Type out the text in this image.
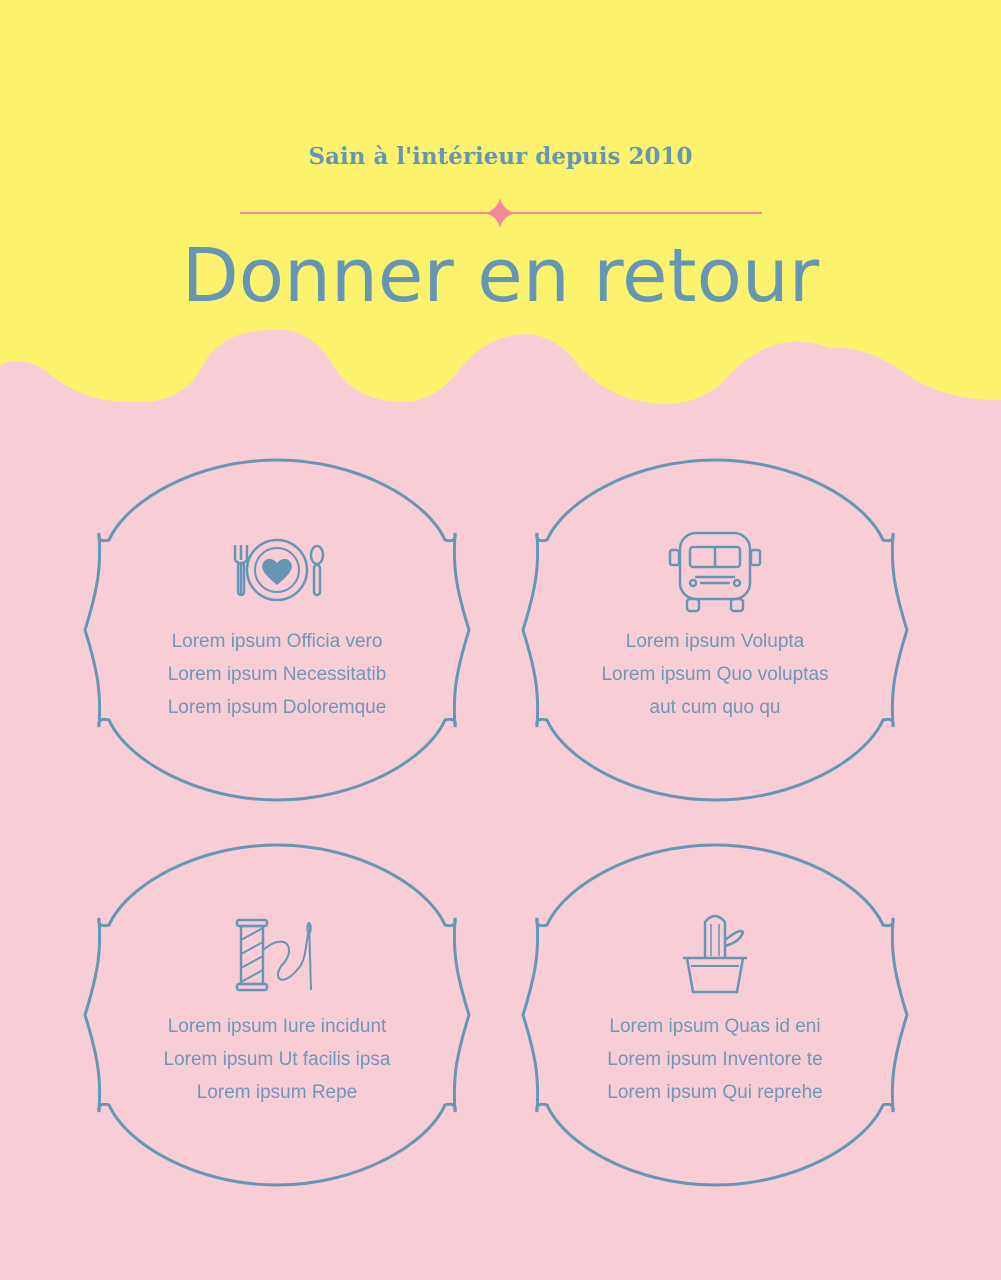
Sain à l'intérieur depuis 2010
Donner en retour
Lorem ipsum Officia vero
Lorem ipsum Necessitatib
Lorem ipsum Doloremque
Lorem ipsum Volupta
Lorem ipsum Quo voluptas
aut cum quo qu
Lorem ipsum Iure incidunt
Lorem ipsum Ut facilis ipsa
Lorem ipsum Repe
Lorem ipsum Quas id eni
Lorem ipsum Inventore te
Lorem ipsum Qui reprehe
